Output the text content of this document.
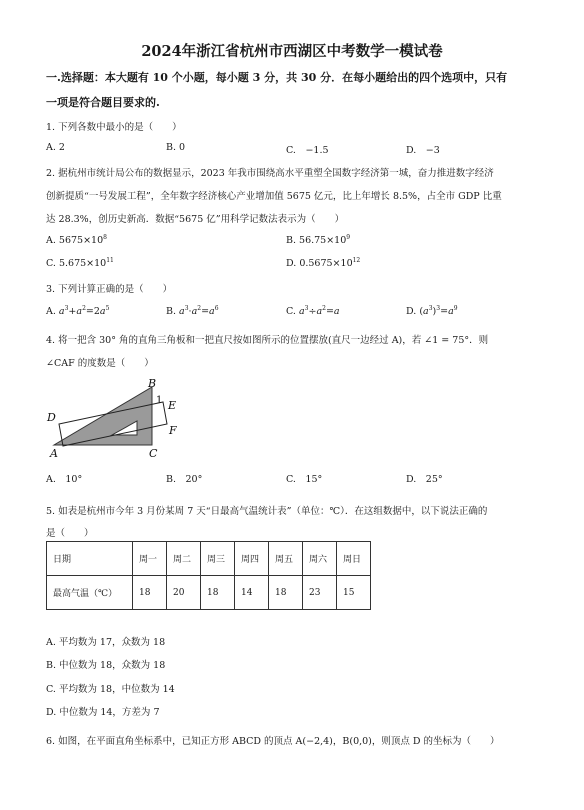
2024年浙江省杭州市西湖区中考数学一模试卷
一.选择题：本大题有 10 个小题，每小题 3 分，共 30 分．在每小题给出的四个选项中，只有
一项是符合题目要求的.
1. 下列各数中最小的是（　　）
A. 2	B. 0	C.　−1.5	D.　−3
2. 据杭州市统计局公布的数据显示，2023 年我市围绕高水平重塑全国数字经济第一城，奋力推进数字经济
创新提质“一号发展工程”，全年数字经济核心产业增加值 5675 亿元，比上年增长 8.5%，占全市 GDP 比重
达 28.3%，创历史新高．数据“5675 亿”用科学记数法表示为（　　）
A. $5675\times 10^8$	B. $56.75\times 10^9$
C. $5.675\times 10^{11}$	D. $0.5675\times 10^{12}$
3. 下列计算正确的是（　　）
A. $a^3+a^2=2a^5$	B. $a^3\cdot a^2=a^6$	C. $a^3\div a^2=a$	D. $(a^3)^3=a^9$
4. 将一把含 30° 角的直角三角板和一把直尺按如图所示的位置摆放(直尺一边经过 A)，若 ∠1 = 75°．则
∠CAF 的度数是（　　）
B
1 E
D
F
A	C
A.　10°	B.　20°	C.　15°	D.　25°
5. 如表是杭州市今年 3 月份某周 7 天“日最高气温统计表”（单位：℃）．在这组数据中，以下说法正确的
是（　　）
日期	周一	周二	周三	周四	周五	周六	周日
最高气温（℃）	18	20	18	14	18	23	15
A. 平均数为 17，众数为 18
B. 中位数为 18，众数为 18
C. 平均数为 18，中位数为 14
D. 中位数为 14，方差为 7
6. 如图，在平面直角坐标系中，已知正方形 ABCD 的顶点 A(−2,4)，B(0,0)，则顶点 D 的坐标为（　　）
